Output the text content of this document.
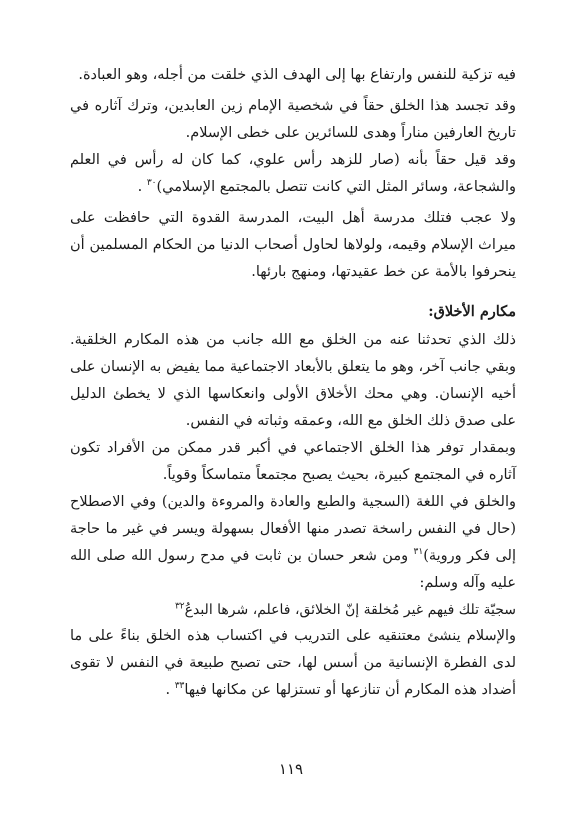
فيه تزكية للنفس وارتفاع بها إلى الهدف الذي خلقت من أجله، وهو العبادة.

وقد تجسد هذا الخلق حقاً في شخصية الإمام زين العابدين، وترك آثاره في تاريخ العارفين مناراً وهدى للسائرين على خطى الإسلام.

وقد قيل حقاً بأنه (صار للزهد رأس علوي، كما كان له رأس في العلم والشجاعة، وسائر المثل التي كانت تتصل بالمجتمع الإسلامي)$^{٣٠}$ .

ولا عجب فتلك مدرسة أهل البيت، المدرسة القدوة التي حافظت على ميراث الإسلام وقيمه، ولولاها لحاول أصحاب الدنيا من الحكام المسلمين أن ينحرفوا بالأمة عن خط عقيدتها، ومنهج بارئها.

مكارم الأخلاق:

ذلك الذي تحدثنا عنه من الخلق مع الله جانب من هذه المكارم الخلقية. وبقي جانب آخر، وهو ما يتعلق بالأبعاد الاجتماعية مما يفيض به الإنسان على أخيه الإنسان. وهي محك الأخلاق الأولى وانعكاسها الذي لا يخطئ الدليل على صدق ذلك الخلق مع الله، وعمقه وثباته في النفس.

وبمقدار توفر هذا الخلق الاجتماعي في أكبر قدر ممكن من الأفراد تكون آثاره في المجتمع كبيرة، بحيث يصبح مجتمعاً متماسكاً وقوياً.

والخلق في اللغة (السجية والطبع والعادة والمروءة والدين) وفي الاصطلاح (حال في النفس راسخة تصدر منها الأفعال بسهولة ويسر في غير ما حاجة إلى فكر وروية)$^{٣١}$ ومن شعر حسان بن ثابت في مدح رسول الله صلى الله عليه وآله وسلم:

سجيّة تلك فيهم غير مُخلقة إنّ الخلائق، فاعلم، شرها البدعُ$^{٣٢}$

والإسلام ينشئ معتنقيه على التدريب في اكتساب هذه الخلق بناءً على ما لدى الفطرة الإنسانية من أسس لها، حتى تصبح طبيعة في النفس لا تقوى أضداد هذه المكارم أن تنازعها أو تستزلها عن مكانها فيها$^{٣٣}$ .

١١٩
